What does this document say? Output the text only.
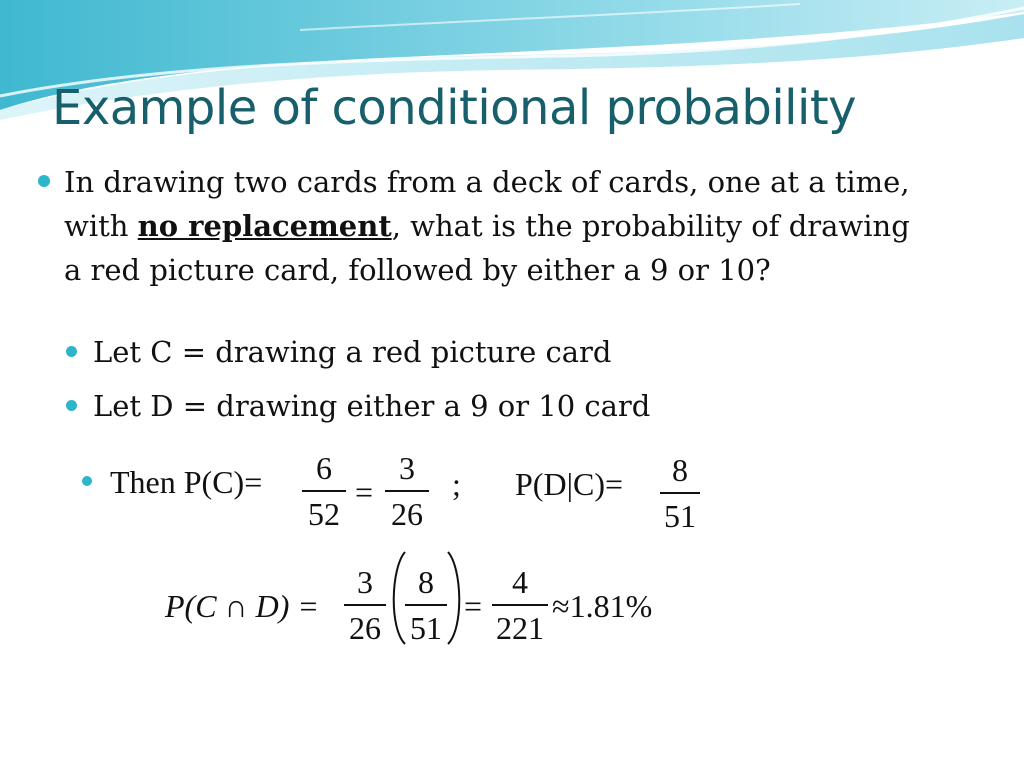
Example of conditional probability
In drawing two cards from a deck of cards, one at a time,
with no replacement, what is the probability of drawing
a red picture card, followed by either a 9 or 10?
Let C = drawing a red picture card
Let D = drawing either a 9 or 10 card
Then P(C)=	6
52
=
3
26
; P(D|C)=	8
51
P(C ∩ D) =
3
26
8
51
=
4
221
≈1.81%
